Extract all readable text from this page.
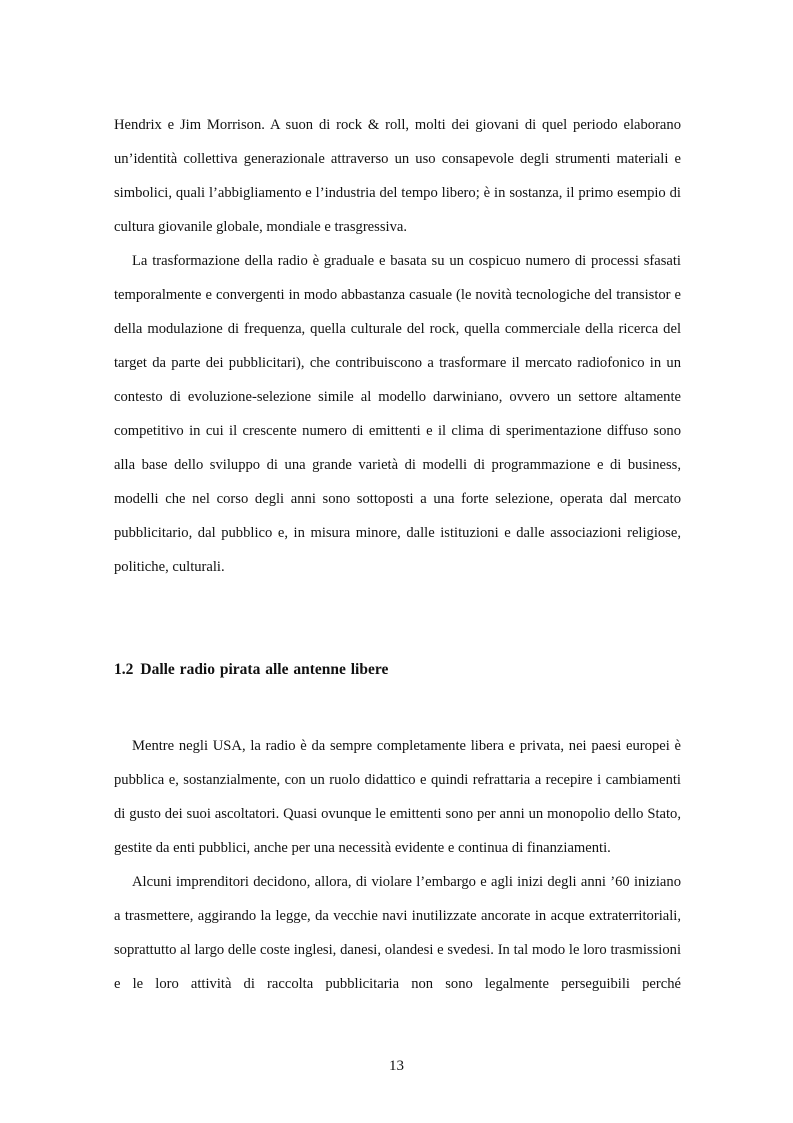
Hendrix e Jim Morrison. A suon di rock & roll, molti dei giovani di quel periodo elaborano un’identità collettiva generazionale attraverso un uso consapevole degli strumenti materiali e simbolici, quali l’abbigliamento e l’industria del tempo libero; è in sostanza, il primo esempio di cultura giovanile globale, mondiale e trasgressiva.

La trasformazione della radio è graduale e basata su un cospicuo numero di processi sfasati temporalmente e convergenti in modo abbastanza casuale (le novità tecnologiche del transistor e della modulazione di frequenza, quella culturale del rock, quella commerciale della ricerca del target da parte dei pubblicitari), che contribuiscono a trasformare il mercato radiofonico in un contesto di evoluzione-selezione simile al modello darwiniano, ovvero un settore altamente competitivo in cui il crescente numero di emittenti e il clima di sperimentazione diffuso sono alla base dello sviluppo di una grande varietà di modelli di programmazione e di business, modelli che nel corso degli anni sono sottoposti a una forte selezione, operata dal mercato pubblicitario, dal pubblico e, in misura minore, dalle istituzioni e dalle associazioni religiose, politiche, culturali.

1.2 Dalle radio pirata alle antenne libere

Mentre negli USA, la radio è da sempre completamente libera e privata, nei paesi europei è pubblica e, sostanzialmente, con un ruolo didattico e quindi refrattaria a recepire i cambiamenti di gusto dei suoi ascoltatori. Quasi ovunque le emittenti sono per anni un monopolio dello Stato, gestite da enti pubblici, anche per una necessità evidente e continua di finanziamenti.

Alcuni imprenditori decidono, allora, di violare l’embargo e agli inizi degli anni ’60 iniziano a trasmettere, aggirando la legge, da vecchie navi inutilizzate ancorate in acque extraterritoriali, soprattutto al largo delle coste inglesi, danesi, olandesi e svedesi. In tal modo le loro trasmissioni e le loro attività di raccolta pubblicitaria non sono legalmente perseguibili perché

13
